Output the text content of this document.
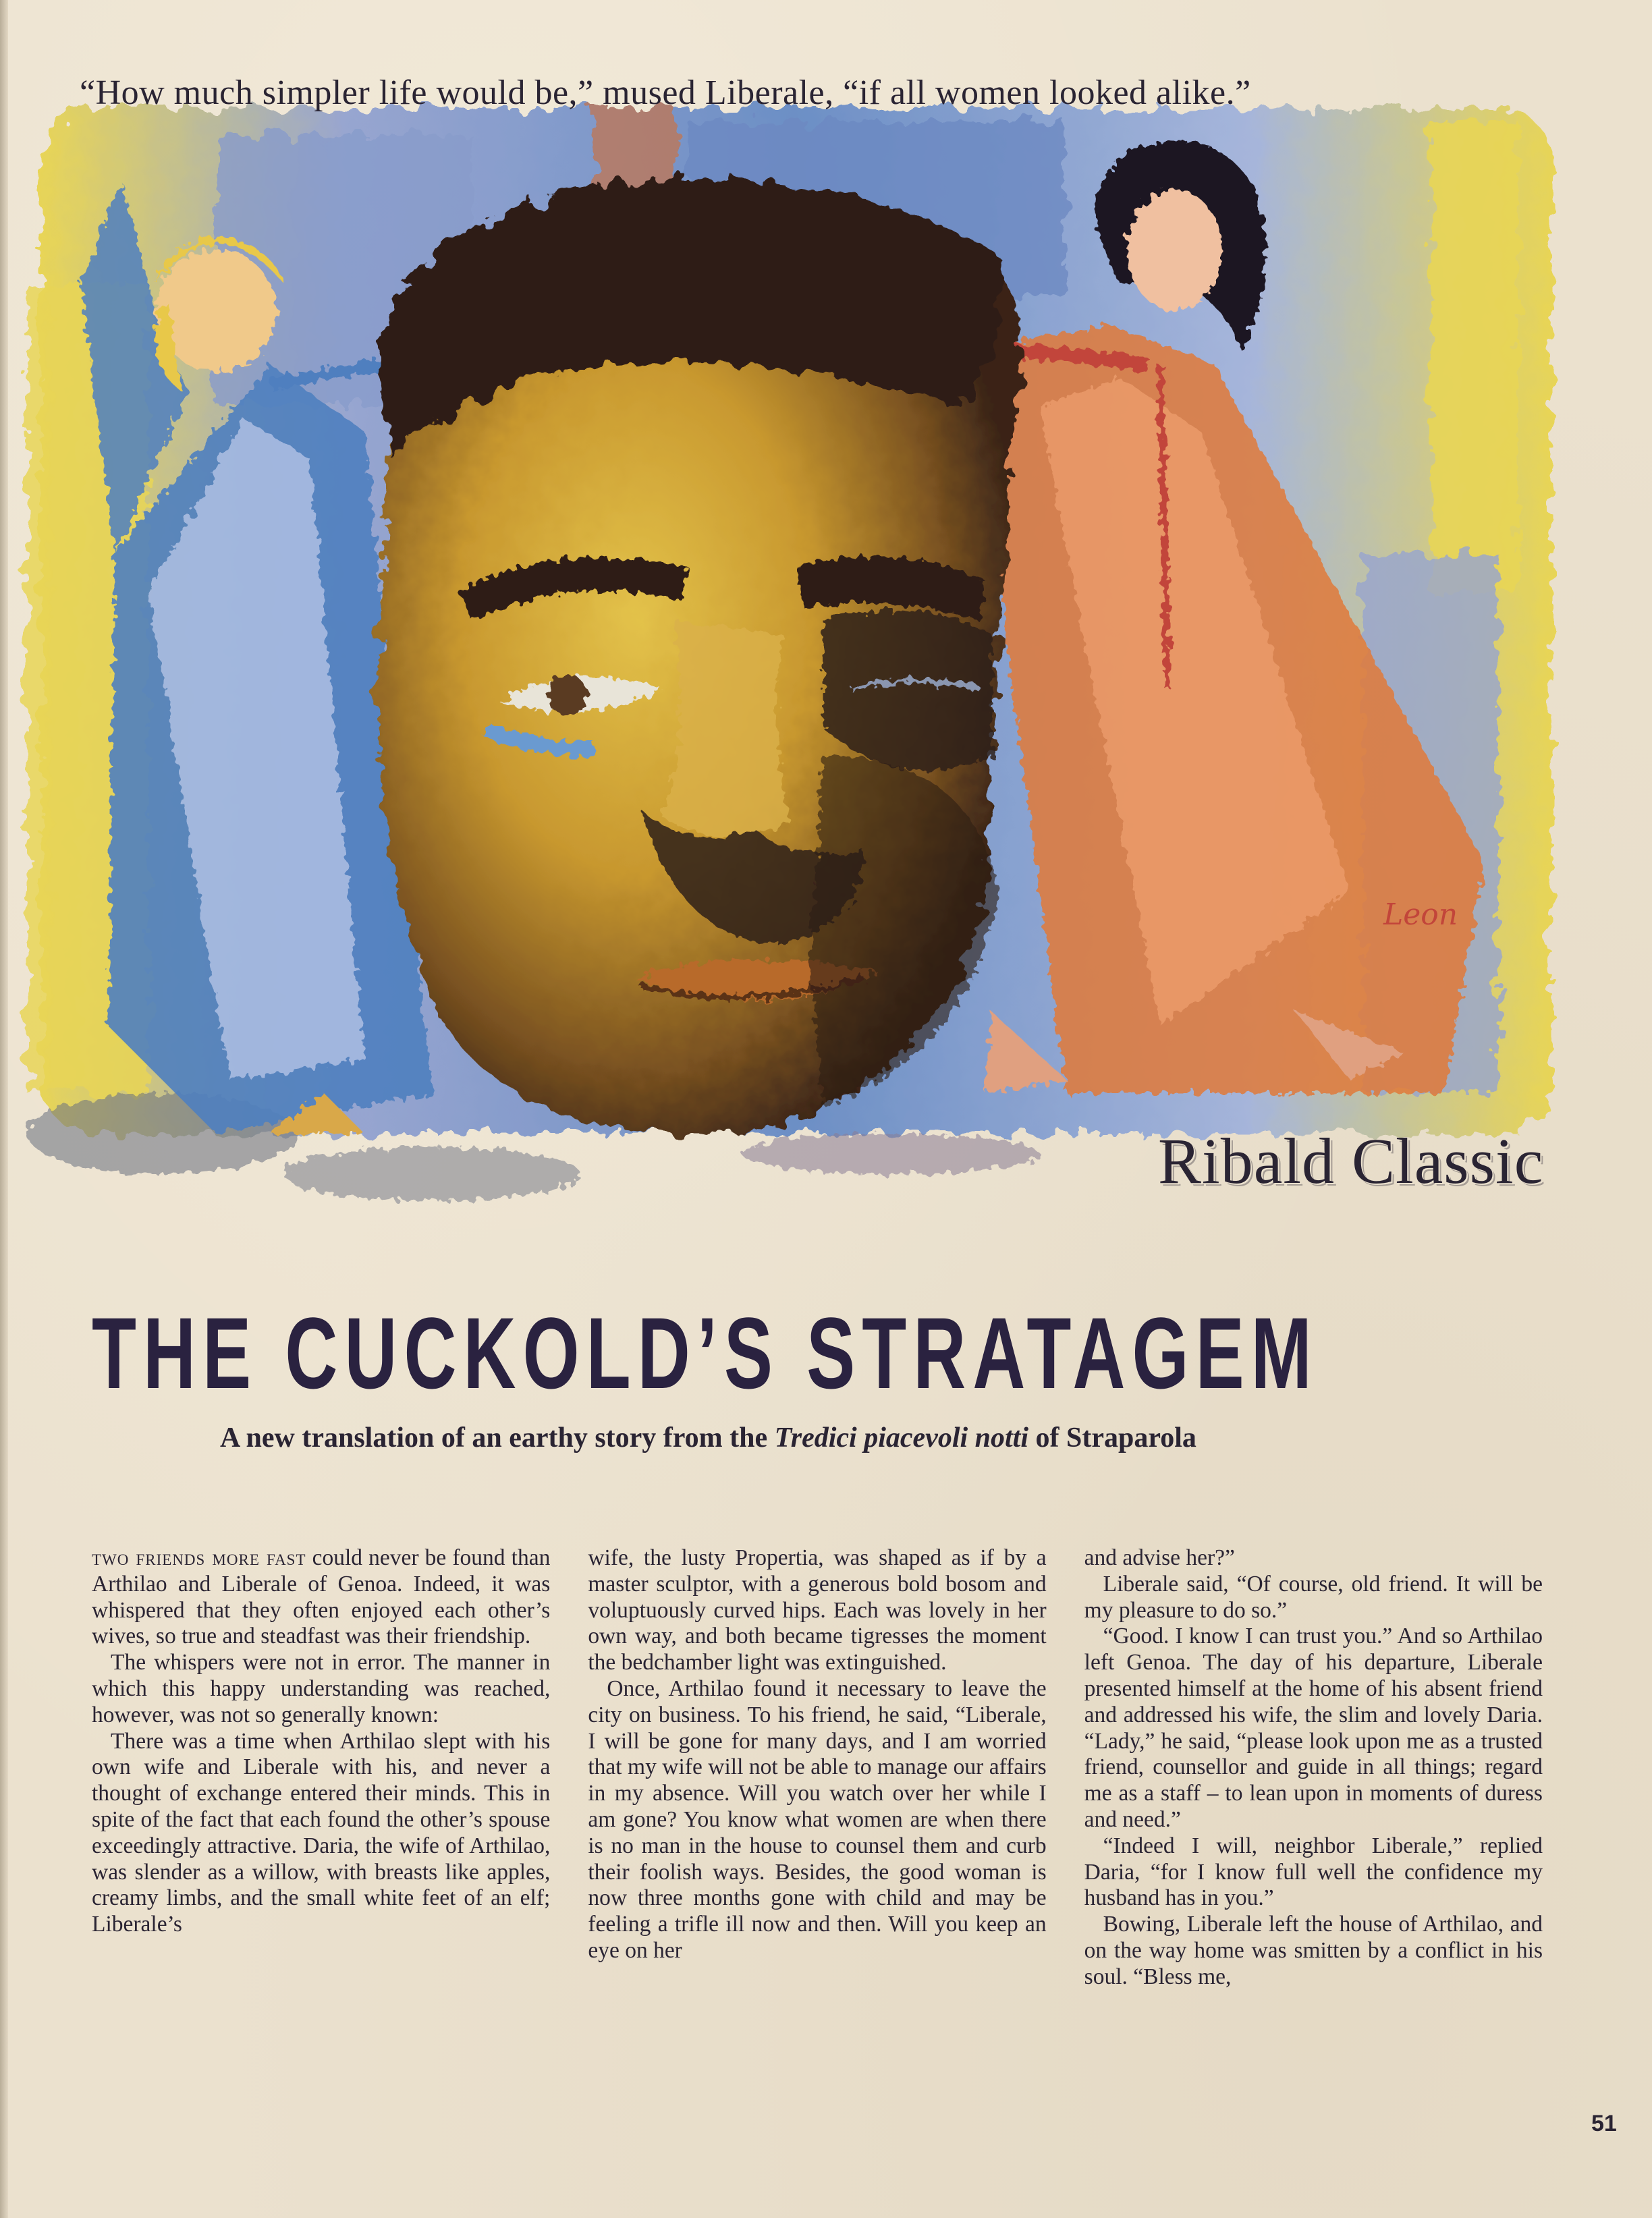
Leon
“How much simpler life would be,” mused Liberale, “if all women looked alike.”
Ribald Classic
THE CUCKOLD’S STRATAGEM
A new translation of an earthy story from the Tredici piacevoli notti of Straparola

two friends more fast could never be found than Arthilao and Liberale of Genoa. Indeed, it was whispered that they often enjoyed each other’s wives, so true and steadfast was their friendship.

The whispers were not in error. The manner in which this happy understanding was reached, however, was not so generally known:

There was a time when Arthilao slept with his own wife and Liberale with his, and never a thought of exchange entered their minds. This in spite of the fact that each found the other’s spouse exceedingly attractive. Daria, the wife of Arthilao, was slender as a willow, with breasts like apples, creamy limbs, and the small white feet of an elf; Liberale’s

wife, the lusty Propertia, was shaped as if by a master sculptor, with a generous bold bosom and voluptuously curved hips. Each was lovely in her own way, and both became tigresses the moment the bedchamber light was extinguished.

Once, Arthilao found it necessary to leave the city on business. To his friend, he said, “Liberale, I will be gone for many days, and I am worried that my wife will not be able to manage our affairs in my absence. Will you watch over her while I am gone? You know what women are when there is no man in the house to counsel them and curb their foolish ways. Besides, the good woman is now three months gone with child and may be feeling a trifle ill now and then. Will you keep an eye on her

and advise her?”

Liberale said, “Of course, old friend. It will be my pleasure to do so.”

“Good. I know I can trust you.” And so Arthilao left Genoa. The day of his departure, Liberale presented himself at the home of his absent friend and addressed his wife, the slim and lovely Daria. “Lady,” he said, “please look upon me as a trusted friend, counsellor and guide in all things; regard me as a staff – to lean upon in moments of duress and need.”

“Indeed I will, neighbor Liberale,” replied Daria, “for I know full well the confidence my husband has in you.”

Bowing, Liberale left the house of Arthilao, and on the way home was smitten by a conflict in his soul. “Bless me,

51
